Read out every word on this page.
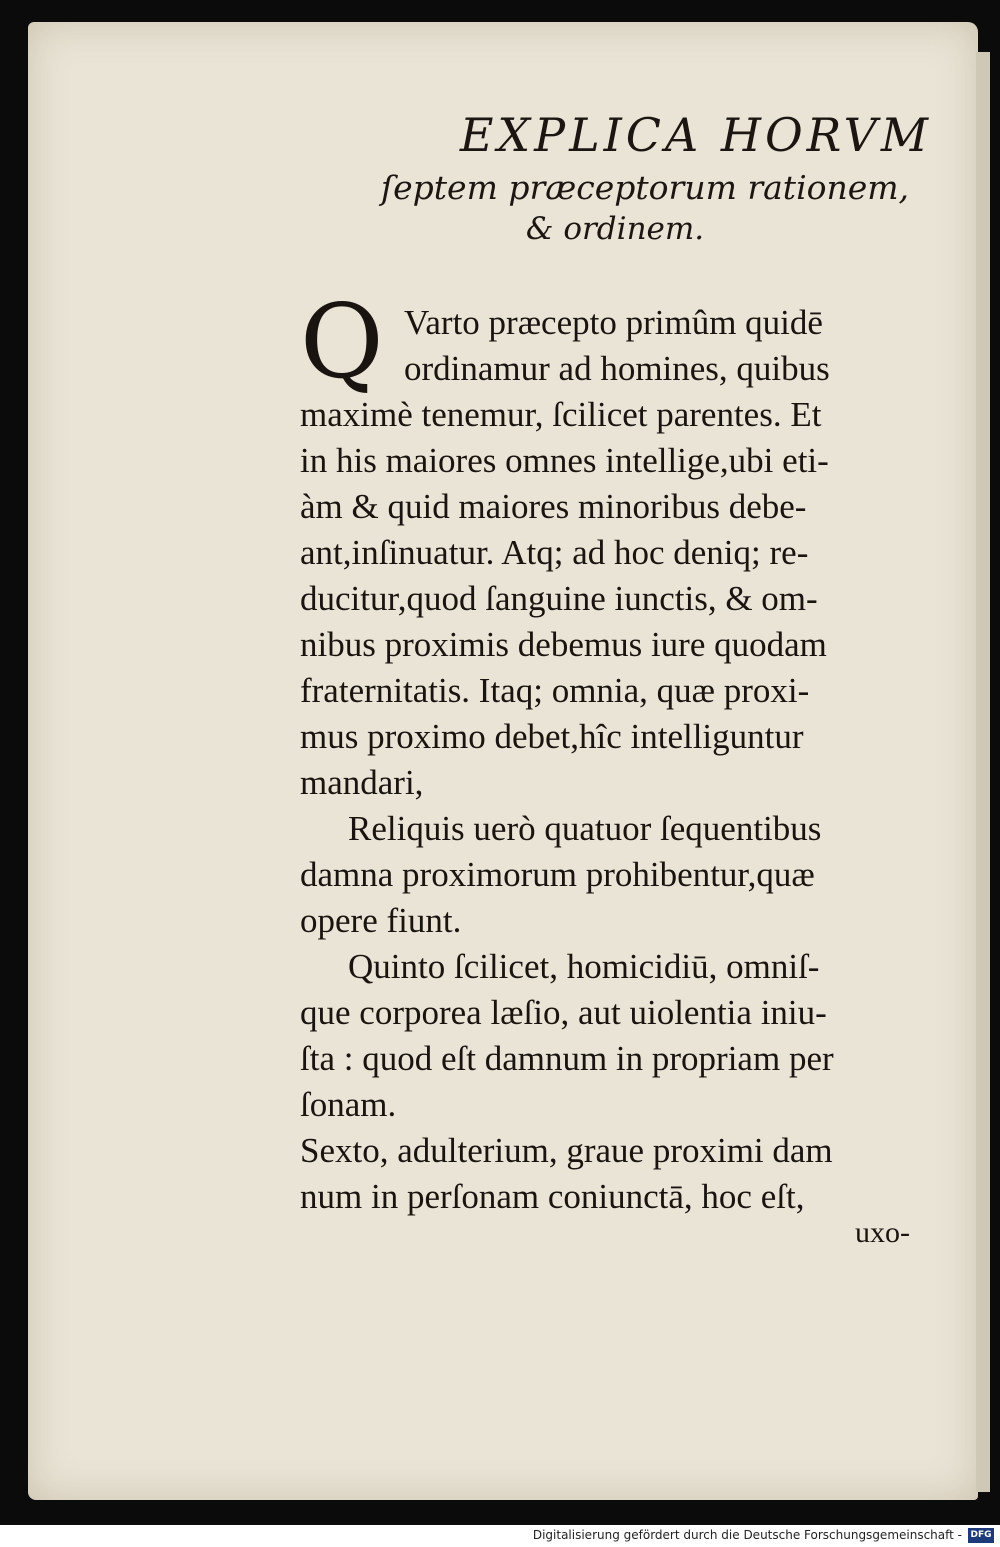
EXPLICA HORVM
ſeptem præceptorum rationem,
& ordinem.
Q Varto præcepto primûm quidē
ordinamur ad homines, quibus
maximè tenemur, ſcilicet parentes. Et
in his maiores omnes intellige,ubi eti-
àm & quid maiores minoribus debe-
ant,inſinuatur. Atq; ad hoc deniq; re-
ducitur,quod ſanguine iunctis, & om-
nibus proximis debemus iure quodam
fraternitatis. Itaq; omnia, quæ proxi-
mus proximo debet,hîc intelliguntur
mandari,
Reliquis uerò quatuor ſequentibus
damna proximorum prohibentur,quæ
opere fiunt.
Quinto ſcilicet, homicidiū, omniſ-
que corporea læſio, aut uiolentia iniu-
ſta : quod eſt damnum in propriam per
ſonam.
Sexto, adulterium, graue proximi dam
num in perſonam coniunctā, hoc eſt,
uxo-
Digitalisierung gefördert durch die Deutsche Forschungsgemeinschaft - DFG
